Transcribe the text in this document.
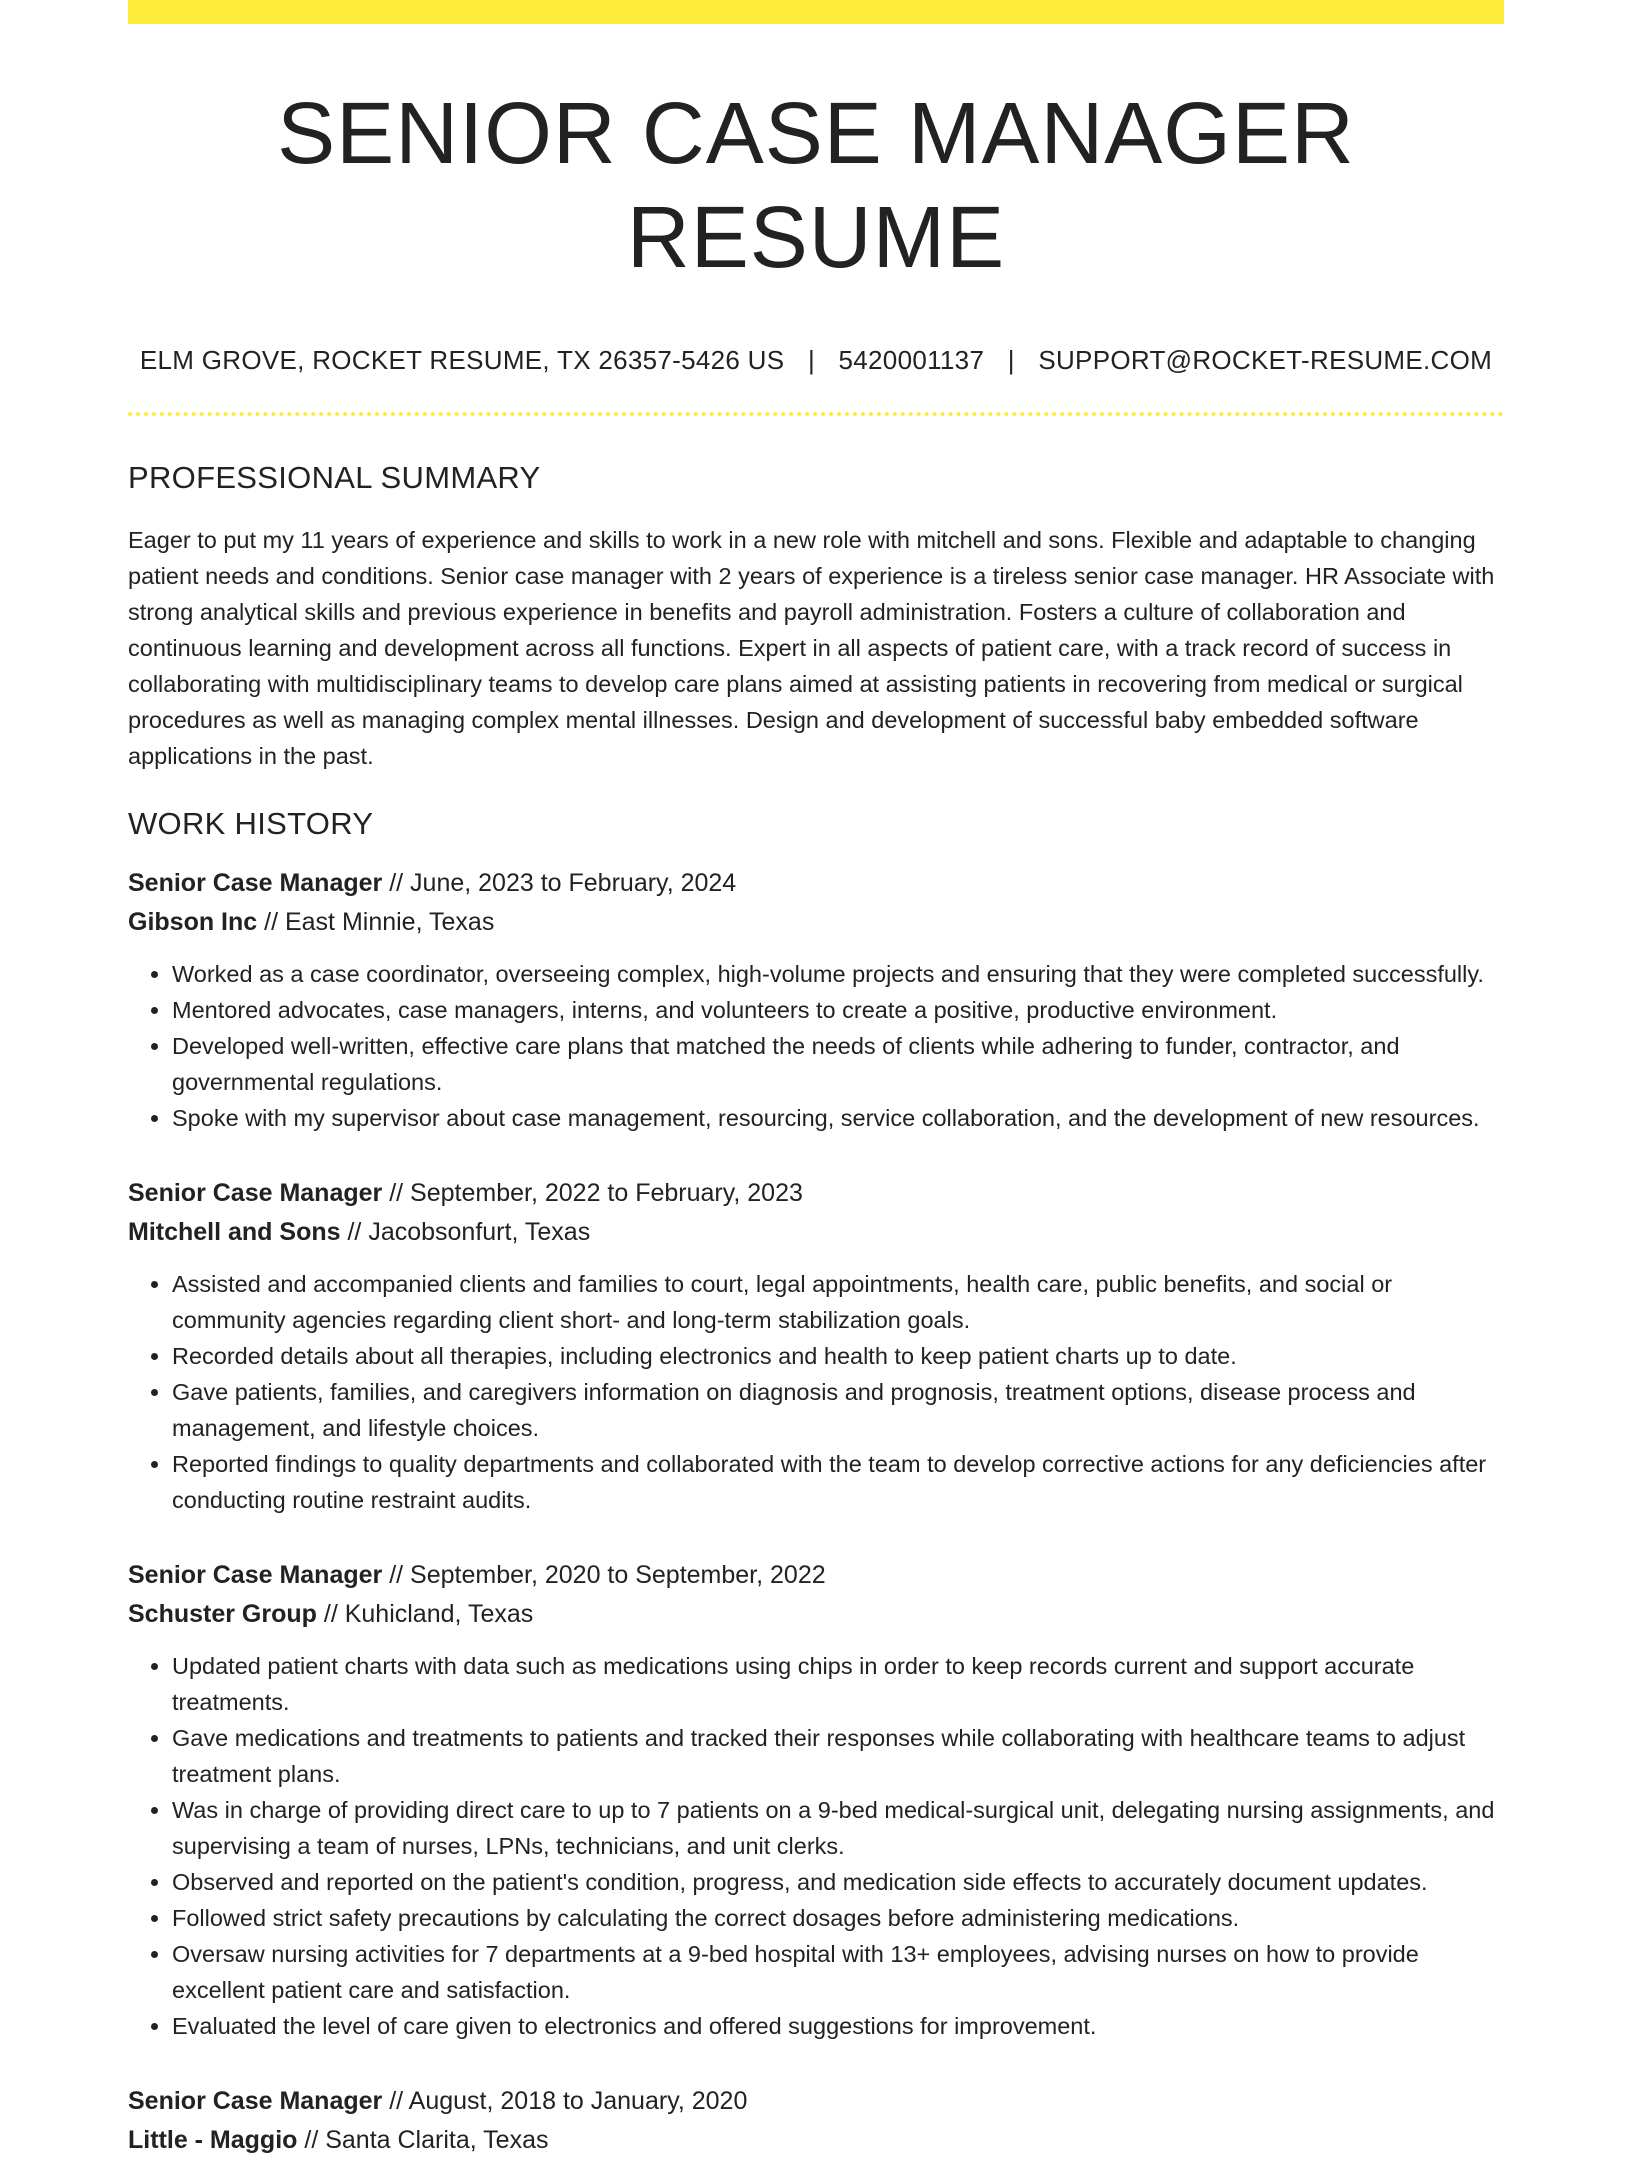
SENIOR CASE MANAGER RESUME
ELM GROVE, ROCKET RESUME, TX 26357-5426 US | 5420001137 | SUPPORT@ROCKET-RESUME.COM
PROFESSIONAL SUMMARY

Eager to put my 11 years of experience and skills to work in a new role with mitchell and sons. Flexible and adaptable to changing patient needs and conditions. Senior case manager with 2 years of experience is a tireless senior case manager. HR Associate with strong analytical skills and previous experience in benefits and payroll administration. Fosters a culture of collaboration and continuous learning and development across all functions. Expert in all aspects of patient care, with a track record of success in collaborating with multidisciplinary teams to develop care plans aimed at assisting patients in recovering from medical or surgical procedures as well as managing complex mental illnesses. Design and development of successful baby embedded software applications in the past.

WORK HISTORY
Senior Case Manager // June, 2023 to February, 2024
Gibson Inc // East Minnie, Texas
• Worked as a case coordinator, overseeing complex, high-volume projects and ensuring that they were completed successfully.
• Mentored advocates, case managers, interns, and volunteers to create a positive, productive environment.
• Developed well-written, effective care plans that matched the needs of clients while adhering to funder, contractor, and governmental regulations.
• Spoke with my supervisor about case management, resourcing, service collaboration, and the development of new resources.
Senior Case Manager // September, 2022 to February, 2023
Mitchell and Sons // Jacobsonfurt, Texas
• Assisted and accompanied clients and families to court, legal appointments, health care, public benefits, and social or community agencies regarding client short- and long-term stabilization goals.
• Recorded details about all therapies, including electronics and health to keep patient charts up to date.
• Gave patients, families, and caregivers information on diagnosis and prognosis, treatment options, disease process and management, and lifestyle choices.
• Reported findings to quality departments and collaborated with the team to develop corrective actions for any deficiencies after conducting routine restraint audits.
Senior Case Manager // September, 2020 to September, 2022
Schuster Group // Kuhicland, Texas
• Updated patient charts with data such as medications using chips in order to keep records current and support accurate treatments.
• Gave medications and treatments to patients and tracked their responses while collaborating with healthcare teams to adjust treatment plans.
• Was in charge of providing direct care to up to 7 patients on a 9-bed medical-surgical unit, delegating nursing assignments, and supervising a team of nurses, LPNs, technicians, and unit clerks.
• Observed and reported on the patient's condition, progress, and medication side effects to accurately document updates.
• Followed strict safety precautions by calculating the correct dosages before administering medications.
• Oversaw nursing activities for 7 departments at a 9-bed hospital with 13+ employees, advising nurses on how to provide excellent patient care and satisfaction.
• Evaluated the level of care given to electronics and offered suggestions for improvement.
Senior Case Manager // August, 2018 to January, 2020
Little - Maggio // Santa Clarita, Texas
